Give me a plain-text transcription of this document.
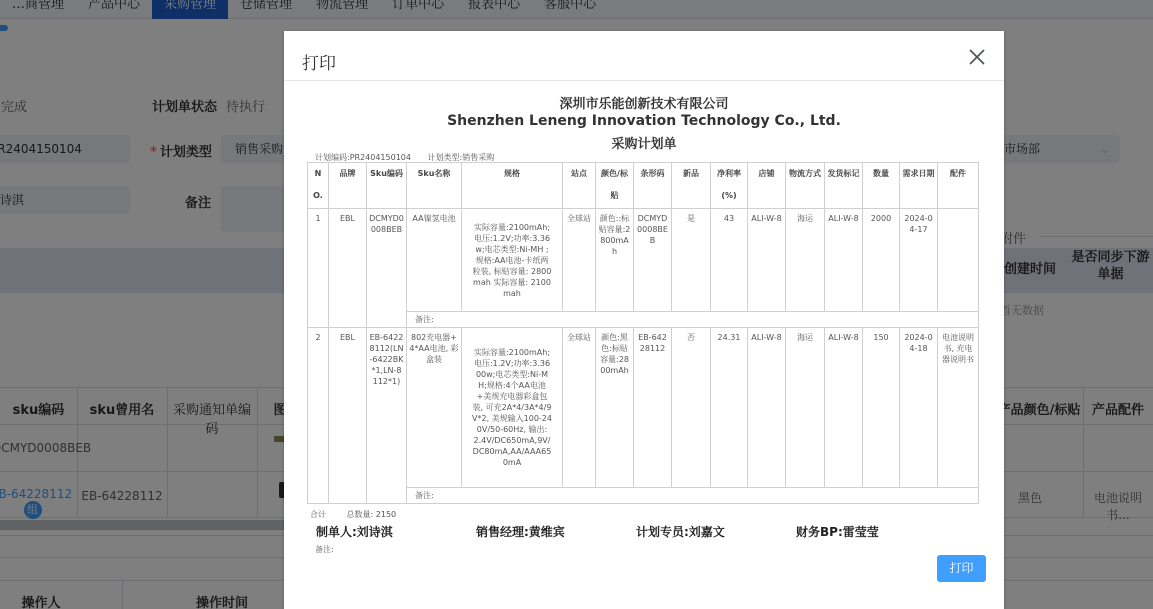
打印
深圳市乐能创新技术有限公司
Shenzhen Leneng Innovation Technology Co., Ltd.
采购计划单
计划编码:PR2404150104 计划类型:销售采购
NO.	品牌	Sku编码	Sku名称	规格	站点	颜色/标贴	条形码	新品	净利率(%)	店铺	物流方式	发货标记	数量	需求日期	配件
1	EBL	DCMYD0008BEB	AA镍氢电池	实际容量:2100mAh;电压:1.2V;功率:3.36w;电芯类型:Ni-MH ;规格:AA电池-卡纸两粒装, 标贴容量: 2800mah 实际容量: 2100mah	全球站	颜色::标贴容量:2800mAh	DCMYD0008BEB	是	43	ALI-W-8	海运	ALI-W-8	2000	2024-04-17	
			备注:												
2	EBL	EB-64228112(LN-6422BK*1,LN-8112*1)	802充电器+4*AA电池, 彩盒装	实际容量:2100mAh;电压:1.2V;功率:3.3600w;电芯类型:Ni-MH;规格:4个AA电池+美规充电器彩盒包装, 可充2A*4/3A*4/9V*2, 美规输入100-240V/50-60Hz, 输出: 2.4V/DC650mA,9V/DC80mA,AA/AAA650mA	全球站	颜色:黑色:标贴容量:2800mAh	EB-64228112	否	24.31	ALI-W-8	海运	ALI-W-8	150	2024-04-18	电池说明书, 充电器说明书
			备注:												
合计	总数量: 2150
制单人:刘诗淇	销售经理:黄维宾	计划专员:刘嘉文	财务BP:雷莹莹
备注:
打印
